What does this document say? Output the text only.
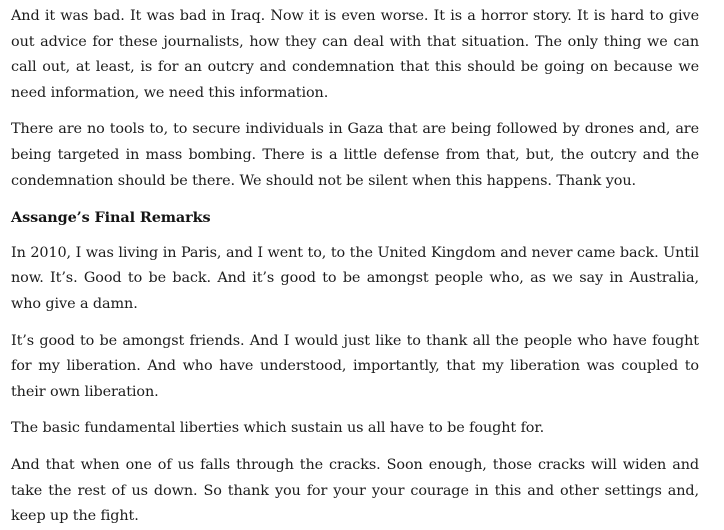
And it was bad. It was bad in Iraq. Now it is even worse. It is a horror story. It is hard to give out advice for these journalists, how they can deal with that situation. The only thing we can call out, at least, is for an outcry and condemnation that this should be going on because we need information, we need this information.

There are no tools to, to secure individuals in Gaza that are being followed by drones and, are being targeted in mass bombing. There is a little defense from that, but, the outcry and the condemnation should be there. We should not be silent when this happens. Thank you.

Assange’s Final Remarks

In 2010, I was living in Paris, and I went to, to the United Kingdom and never came back. Until now. It’s. Good to be back. And it’s good to be amongst people who, as we say in Australia, who give a damn.

It’s good to be amongst friends. And I would just like to thank all the people who have fought for my liberation. And who have understood, importantly, that my liberation was coupled to their own liberation.

The basic fundamental liberties which sustain us all have to be fought for.

And that when one of us falls through the cracks. Soon enough, those cracks will widen and take the rest of us down. So thank you for your your courage in this and other settings and, keep up the fight.
